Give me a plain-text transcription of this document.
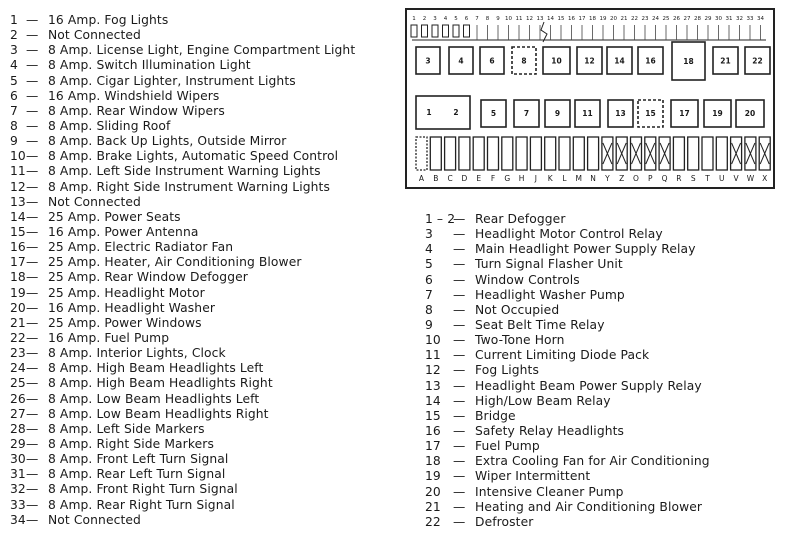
1 — 16 Amp. Fog Lights
2 — Not Connected
3 — 8 Amp. License Light, Engine Compartment Light
4 — 8 Amp. Switch Illumination Light
5 — 8 Amp. Cigar Lighter, Instrument Lights
6 — 16 Amp. Windshield Wipers
7 — 8 Amp. Rear Window Wipers
8 — 8 Amp. Sliding Roof
9 — 8 Amp. Back Up Lights, Outside Mirror
10— 8 Amp. Brake Lights, Automatic Speed Control
11— 8 Amp. Left Side Instrument Warning Lights
12— 8 Amp. Right Side Instrument Warning Lights
13— Not Connected
14— 25 Amp. Power Seats
15— 16 Amp. Power Antenna
16— 25 Amp. Electric Radiator Fan
17— 25 Amp. Heater, Air Conditioning Blower
18— 25 Amp. Rear Window Defogger
19— 25 Amp. Headlight Motor
20— 16 Amp. Headlight Washer
21— 25 Amp. Power Windows
22— 16 Amp. Fuel Pump
23— 8 Amp. Interior Lights, Clock
24— 8 Amp. High Beam Headlights Left
25— 8 Amp. High Beam Headlights Right
26— 8 Amp. Low Beam Headlights Left
27— 8 Amp. Low Beam Headlights Right
28— 8 Amp. Left Side Markers
29— 8 Amp. Right Side Markers
30— 8 Amp. Front Left Turn Signal
31— 8 Amp. Rear Left Turn Signal
32— 8 Amp. Front Right Turn Signal
33— 8 Amp. Rear Right Turn Signal
34— Not Connected
1 – 2— Rear Defogger
3 — Headlight Motor Control Relay
4 — Main Headlight Power Supply Relay
5 — Turn Signal Flasher Unit
6 — Window Controls
7 — Headlight Washer Pump
8 — Not Occupied
9 — Seat Belt Time Relay
10 — Two-Tone Horn
11 — Current Limiting Diode Pack
12 — Fog Lights
13 — Headlight Beam Power Supply Relay
14 — High/Low Beam Relay
15 — Bridge
16 — Safety Relay Headlights
17 — Fuel Pump
18 — Extra Cooling Fan for Air Conditioning
19 — Wiper Intermittent
20 — Intensive Cleaner Pump
21 — Heating and Air Conditioning Blower
22 — Defroster
1 2 3 4 5 6 7 8 9 10 11 12 13 14 15 16 17 18 19 20 21 22 23 24 25 26 27 28 29 30 31 32 33 34
3	4	6	8	10	12	14	16	18	21	22
1	2	5	7	9	11	13	15	17	19	20
A B C D E F G H J K L M N Y Z O P Q R S T U V W X
